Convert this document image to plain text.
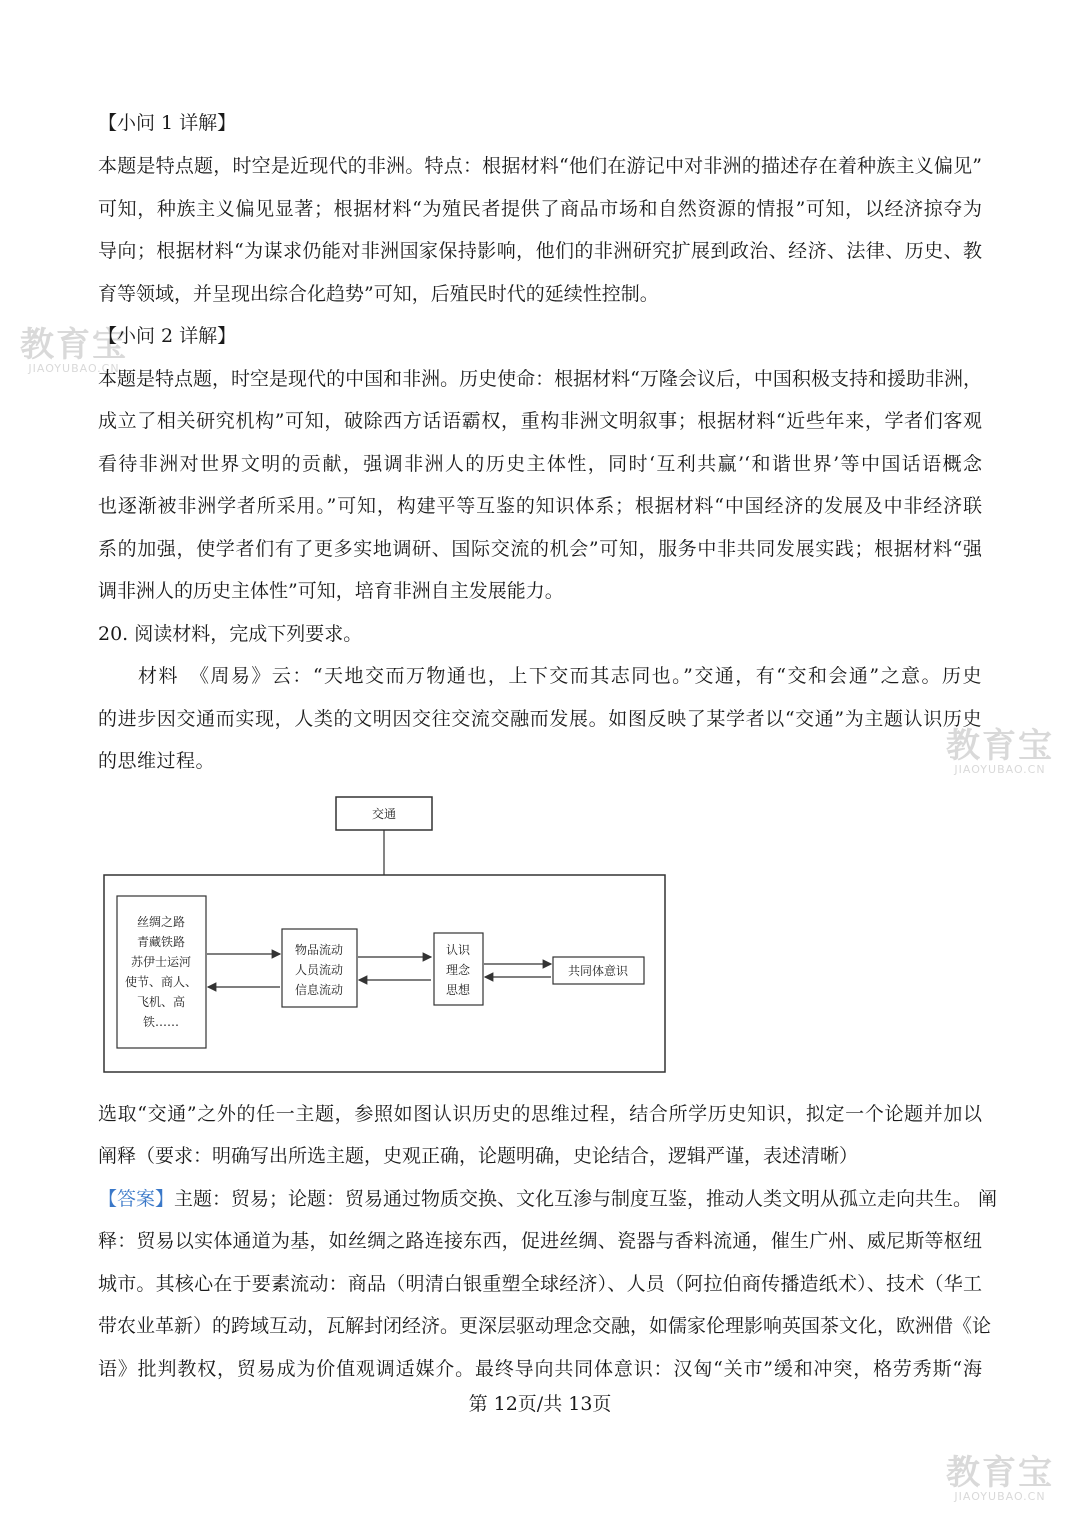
教育宝
JIAOYUBAO.CN
教育宝
JIAOYUBAO.CN
教育宝
JIAOYUBAO.CN
【小问 1 详解】
本题是特点题，时空是近现代的非洲。特点：根据材料“他们在游记中对非洲的描述存在着种族主义偏见”
可知，种族主义偏见显著；根据材料“为殖民者提供了商品市场和自然资源的情报”可知，以经济掠夺为
导向；根据材料“为谋求仍能对非洲国家保持影响，他们的非洲研究扩展到政治、经济、法律、历史、教
育等领域，并呈现出综合化趋势”可知，后殖民时代的延续性控制。
【小问 2 详解】
本题是特点题，时空是现代的中国和非洲。历史使命：根据材料“万隆会议后，中国积极支持和援助非洲，
成立了相关研究机构”可知，破除西方话语霸权，重构非洲文明叙事；根据材料“近些年来，学者们客观
看待非洲对世界文明的贡献，强调非洲人的历史主体性，同时‘互利共赢’‘和谐世界’等中国话语概念
也逐渐被非洲学者所采用。”可知，构建平等互鉴的知识体系；根据材料“中国经济的发展及中非经济联
系的加强，使学者们有了更多实地调研、国际交流的机会”可知，服务中非共同发展实践；根据材料“强
调非洲人的历史主体性”可知，培育非洲自主发展能力。
20. 阅读材料，完成下列要求。
材料　《周易》云：“天地交而万物通也，上下交而其志同也。”交通，有“交和会通”之意。历史
的进步因交通而实现，人类的文明因交往交流交融而发展。如图反映了某学者以“交通”为主题认识历史
的思维过程。
交通
丝绸之路
青藏铁路
苏伊士运河
使节、商人、
飞机、高
铁……
物品流动
人员流动
信息流动
认识
理念
思想
共同体意识
选取“交通”之外的任一主题，参照如图认识历史的思维过程，结合所学历史知识，拟定一个论题并加以
阐释（要求：明确写出所选主题，史观正确，论题明确，史论结合，逻辑严谨，表述清晰）
【答案】主题：贸易；论题：贸易通过物质交换、文化互渗与制度互鉴，推动人类文明从孤立走向共生。 阐
释：贸易以实体通道为基，如丝绸之路连接东西，促进丝绸、瓷器与香料流通，催生广州、威尼斯等枢纽
城市。其核心在于要素流动：商品（明清白银重塑全球经济）、人员（阿拉伯商传播造纸术）、技术（华工
带农业革新）的跨域互动，瓦解封闭经济。更深层驱动理念交融，如儒家伦理影响英国茶文化，欧洲借《论
语》批判教权，贸易成为价值观调适媒介。最终导向共同体意识：汉匈“关市”缓和冲突，格劳秀斯“海
第 12页/共 13页
